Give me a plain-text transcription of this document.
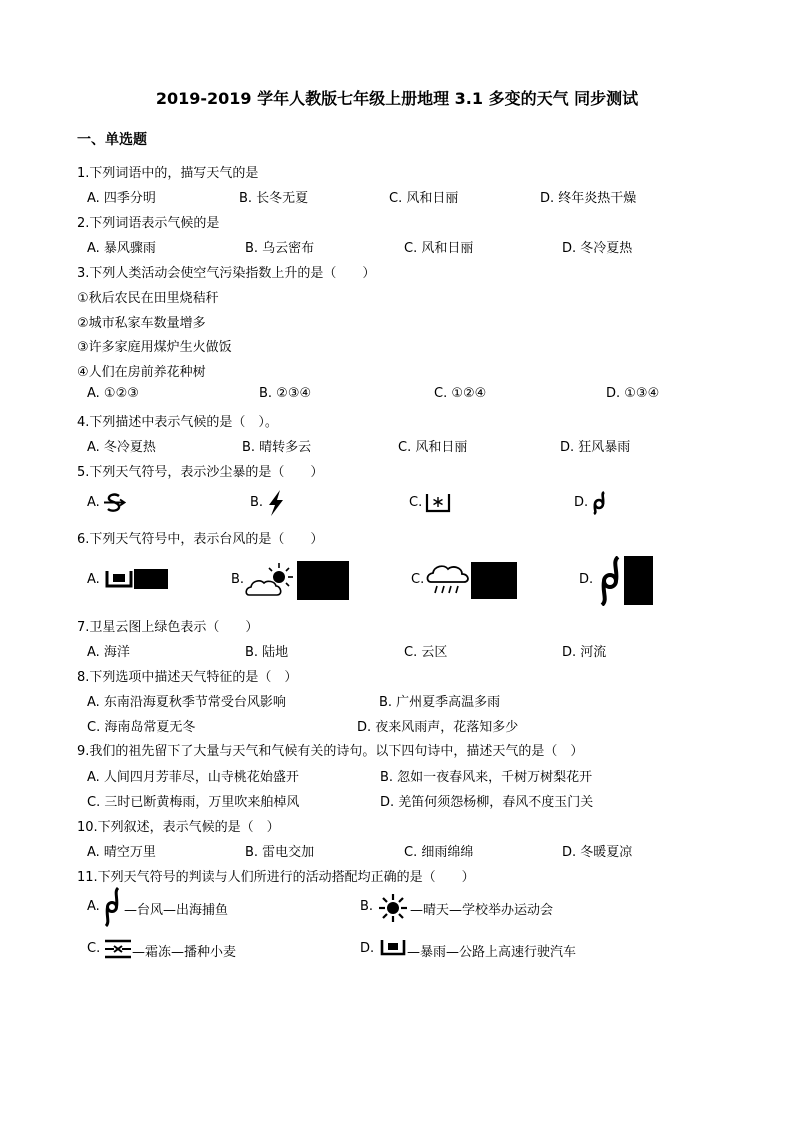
2019-2019 学年人教版七年级上册地理 3.1 多变的天气 同步测试
一、单选题
1.下列词语中的，描写天气的是
A. 四季分明	B. 长冬无夏	C. 风和日丽	D. 终年炎热干燥
2.下列词语表示气候的是
A. 暴风骤雨	B. 乌云密布	C. 风和日丽	D. 冬冷夏热
3.下列人类活动会使空气污染指数上升的是（　　）
①秋后农民在田里烧秸秆
②城市私家车数量增多
③许多家庭用煤炉生火做饭
④人们在房前养花种树
A. ①②③	B. ②③④	C. ①②④	D. ①③④
4.下列描述中表示气候的是（　）。
A. 冬冷夏热	B. 晴转多云	C. 风和日丽	D. 狂风暴雨
5.下列天气符号，表示沙尘暴的是（　　）
A.	B.	C.	D.
6.下列天气符号中，表示台风的是（　　）
A.	B.	C.	D.
7.卫星云图上绿色表示（　　）
A. 海洋	B. 陆地	C. 云区	D. 河流
8.下列选项中描述天气特征的是（　）
A. 东南沿海夏秋季节常受台风影响	B. 广州夏季高温多雨
C. 海南岛常夏无冬	D. 夜来风雨声，花落知多少
9.我们的祖先留下了大量与天气和气候有关的诗句。以下四句诗中，描述天气的是（　）
A. 人间四月芳菲尽，山寺桃花始盛开	B. 忽如一夜春风来，千树万树梨花开
C. 三时已断黄梅雨，万里吹来舶棹风	D. 羌笛何须怨杨柳，春风不度玉门关
10.下列叙述，表示气候的是（　）
A. 晴空万里	B. 雷电交加	C. 细雨绵绵	D. 冬暖夏凉
11.下列天气符号的判读与人们所进行的活动搭配均正确的是（　　）
A. —台风—出海捕鱼	B.	—晴天—学校举办运动会
C. —霜冻—播种小麦	D.	—暴雨—公路上高速行驶汽车
